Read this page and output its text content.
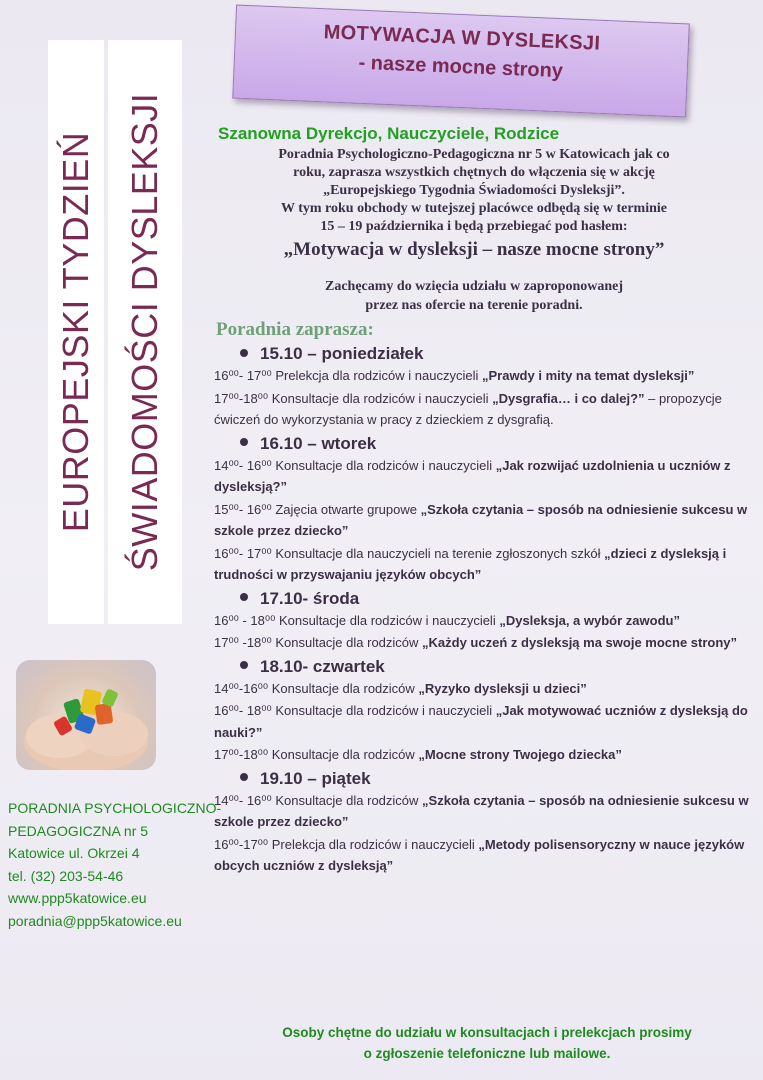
MOTYWACJA W DYSLEKSJI
- nasze mocne strony
EUROPEJSKI TYDZIEŃ ŚWIADOMOŚCI DYSLEKSJI
PORADNIA PSYCHOLOGICZNO-
PEDAGOGICZNA nr 5
Katowice ul. Okrzei 4
tel. (32) 203-54-46
www.ppp5katowice.eu
poradnia@ppp5katowice.eu
Szanowna Dyrekcjo, Nauczyciele, Rodzice
Poradnia Psychologiczno-Pedagogiczna nr 5 w Katowicach jak co
roku, zaprasza wszystkich chętnych do włączenia się w akcję
„Europejskiego Tygodnia Świadomości Dysleksji”.
W tym roku obchody w tutejszej placówce odbędą się w terminie
15 – 19 października i będą przebiegać pod hasłem:
„Motywacja w dysleksji – nasze mocne strony”
Zachęcamy do wzięcia udziału w zaproponowanej
przez nas ofercie na terenie poradni.
Poradnia zaprasza:
15.10 – poniedziałek
16⁰⁰- 17⁰⁰ Prelekcja dla rodziców i nauczycieli „Prawdy i mity na temat dysleksji”
17⁰⁰-18⁰⁰ Konsultacje dla rodziców i nauczycieli „Dysgrafia… i co dalej?” – propozycje ćwiczeń do wykorzystania w pracy z dzieckiem z dysgrafią.
16.10 – wtorek
14⁰⁰- 16⁰⁰ Konsultacje dla rodziców i nauczycieli „Jak rozwijać uzdolnienia u uczniów z dysleksją?”
15⁰⁰- 16⁰⁰ Zajęcia otwarte grupowe „Szkoła czytania – sposób na odniesienie sukcesu w szkole przez dziecko”
16⁰⁰- 17⁰⁰ Konsultacje dla nauczycieli na terenie zgłoszonych szkół „dzieci z dysleksją i trudności w przyswajaniu języków obcych”
17.10- środa
16⁰⁰ - 18⁰⁰ Konsultacje dla rodziców i nauczycieli „Dysleksja, a wybór zawodu”
17⁰⁰ -18⁰⁰ Konsultacje dla rodziców „Każdy uczeń z dysleksją ma swoje mocne strony”
18.10- czwartek
14⁰⁰-16⁰⁰ Konsultacje dla rodziców „Ryzyko dysleksji u dzieci”
16⁰⁰- 18⁰⁰ Konsultacje dla rodziców i nauczycieli „Jak motywować uczniów z dysleksją do nauki?”
17⁰⁰-18⁰⁰ Konsultacje dla rodziców „Mocne strony Twojego dziecka”
19.10 – piątek
14⁰⁰- 16⁰⁰ Konsultacje dla rodziców „Szkoła czytania – sposób na odniesienie sukcesu w szkole przez dziecko”
16⁰⁰-17⁰⁰ Prelekcja dla rodziców i nauczycieli „Metody polisensoryczny w nauce języków obcych uczniów z dysleksją”
Osoby chętne do udziału w konsultacjach i prelekcjach prosimy
o zgłoszenie telefoniczne lub mailowe.
